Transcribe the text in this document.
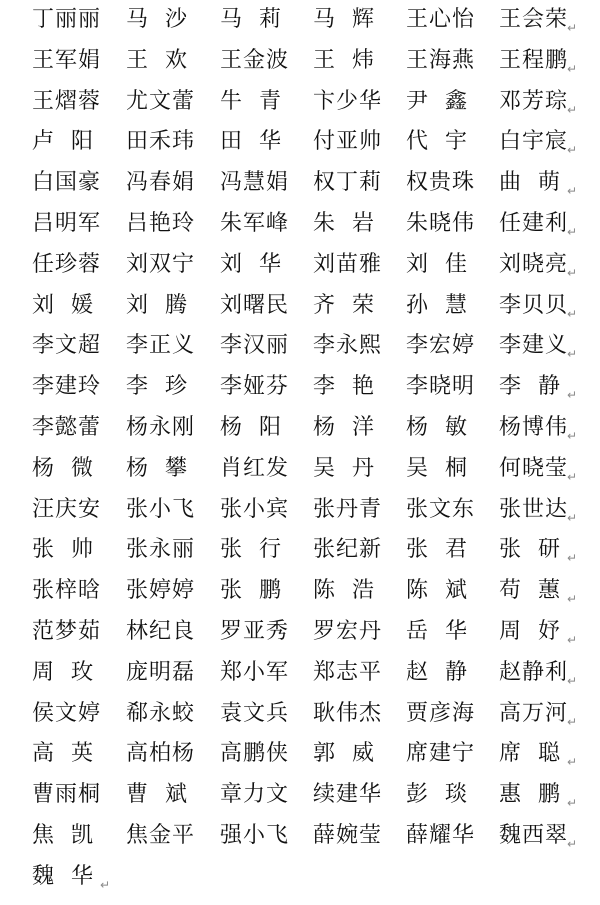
丁丽丽 马  沙 马  莉 马  辉 王心怡 王会荣
↵
王军娟 王  欢 王金波 王  炜 王海燕 王程鹏
↵
王熠蓉 尤文蕾 牛  青 卞少华 尹  鑫 邓芳琮
↵
卢  阳 田禾玮 田  华 付亚帅 代  宇 白宇宸
↵
白国豪 冯春娟 冯慧娟 权丁莉 权贵珠 曲  萌 ↵
吕明军 吕艳玲 朱军峰 朱  岩 朱晓伟 任建利
↵
任珍蓉 刘双宁 刘  华 刘苗雅 刘  佳 刘晓亮
↵
刘  媛 刘  腾 刘曙民 齐  荣 孙  慧 李贝贝
↵
李文超 李正义 李汉丽 李永熙 李宏婷 李建义
↵
李建玲 李  珍 李娅芬 李  艳 李晓明 李  静 ↵
李懿蕾 杨永刚 杨  阳 杨  洋 杨  敏 杨博伟
↵
杨  微 杨  攀 肖红发 吴  丹 吴  桐 何晓莹
↵
汪庆安 张小飞 张小宾 张丹青 张文东 张世达
↵
张  帅 张永丽 张  行 张纪新 张  君 张  研 ↵
张梓晗 张婷婷 张  鹏 陈  浩 陈  斌 苟  蕙 ↵
范梦茹 林纪良 罗亚秀 罗宏丹 岳  华 周  妤 ↵
周  玫 庞明磊 郑小军 郑志平 赵  静 赵静利
↵
侯文婷 郗永蛟 袁文兵 耿伟杰 贾彦海 高万河
↵
高  英 高柏杨 高鹏侠 郭  威 席建宁 席  聪 ↵
曹雨桐 曹  斌 章力文 续建华 彭  琰 惠  鹏 ↵
焦  凯 焦金平 强小飞 薛婉莹 薛耀华 魏西翠
↵
魏  华 ↵
